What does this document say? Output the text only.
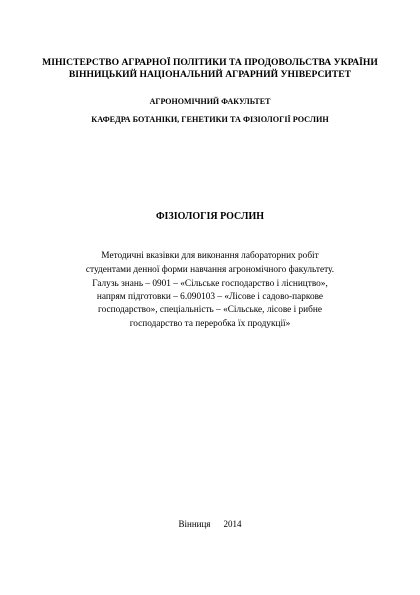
МІНІСТЕРСТВО АГРАРНОЇ ПОЛІТИКИ ТА ПРОДОВОЛЬСТВА УКРАЇНИ
ВІННИЦЬКИЙ НАЦІОНАЛЬНИЙ АГРАРНИЙ УНІВЕРСИТЕТ
АГРОНОМІЧНИЙ ФАКУЛЬТЕТ
КАФЕДРА БОТАНІКИ, ГЕНЕТИКИ ТА ФІЗІОЛОГІЇ РОСЛИН
ФІЗІОЛОГІЯ РОСЛИН
Методичні вказівки для виконання лабораторних робіт
студентами денної форми навчання агрономічного факультету.
Галузь знань – 0901 – «Сільське господарство і лісництво»,
напрям підготовки – 6.090103 – «Лісове і садово-паркове
господарство», спеціальність – «Сільське, лісове і рибне
господарство та переробка їх продукції»
Вінниця 2014
